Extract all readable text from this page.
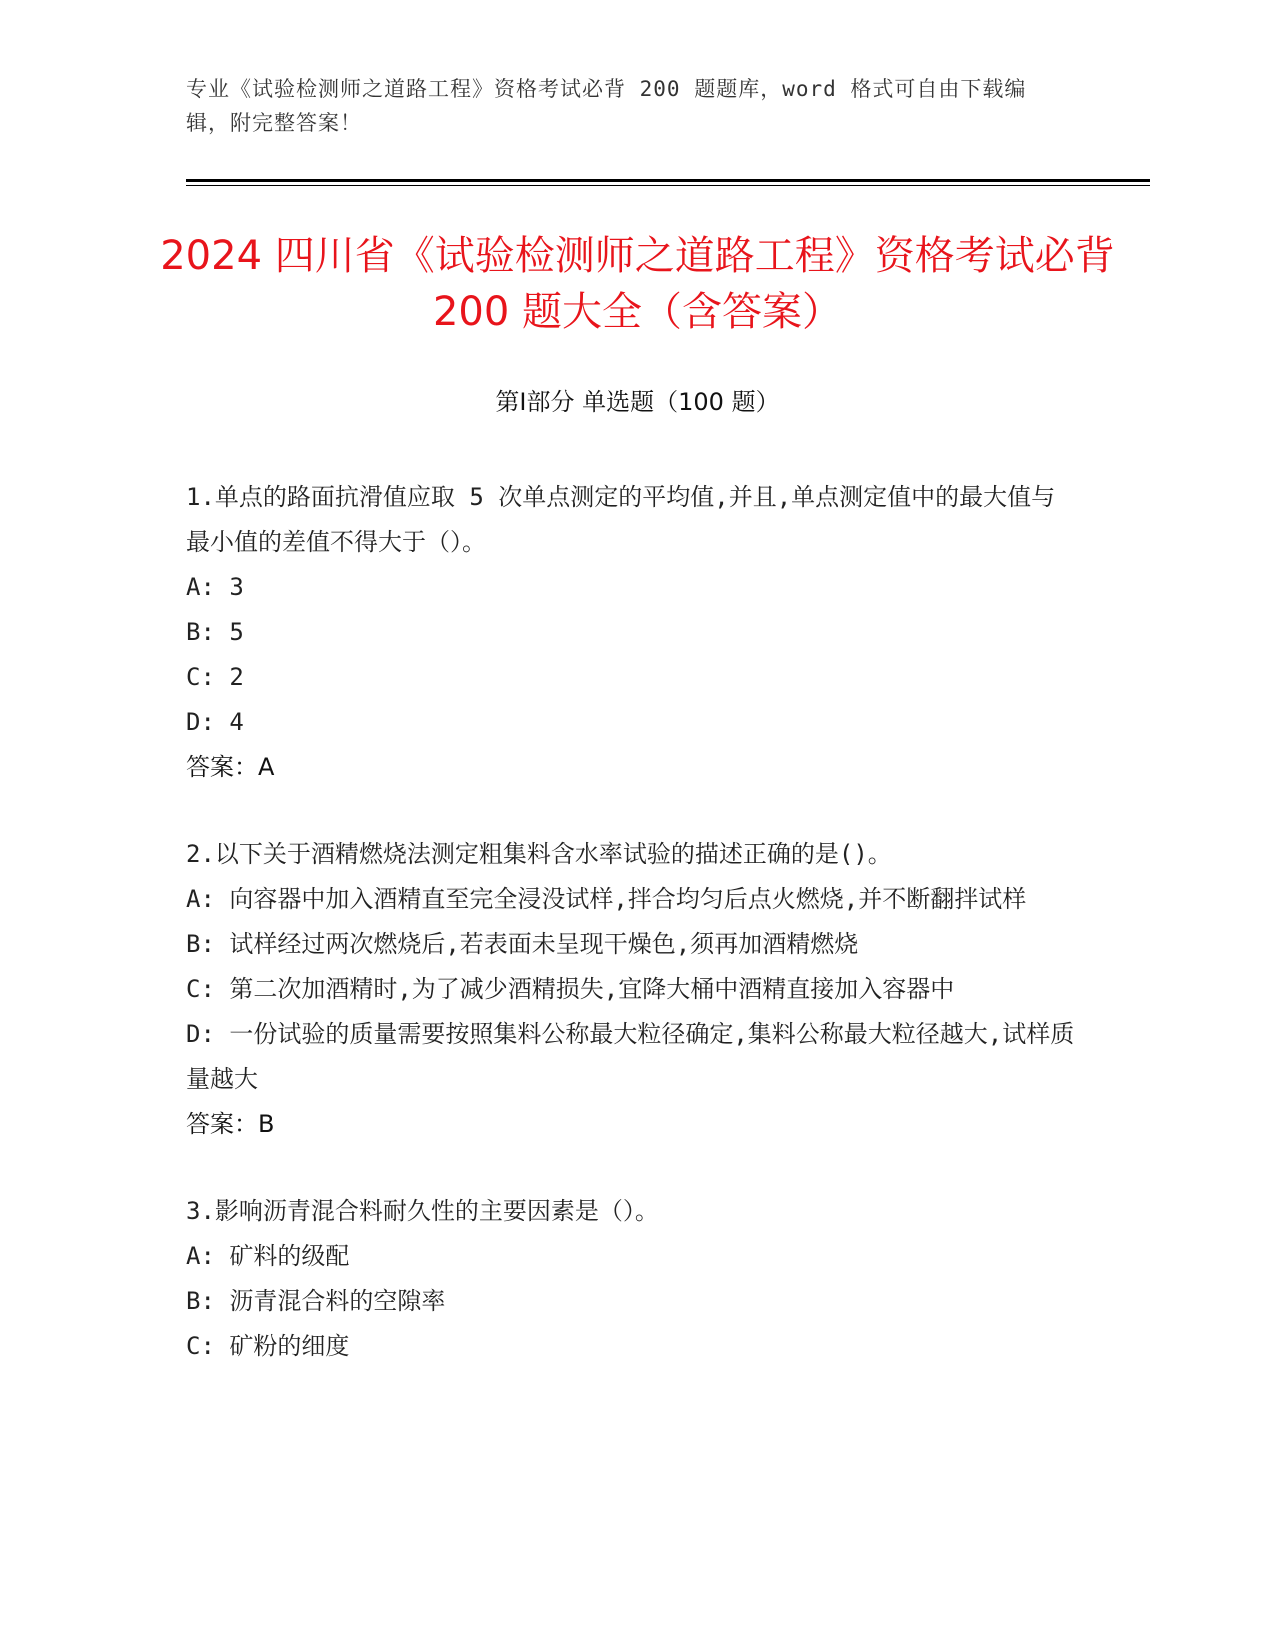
专业《试验检测师之道路工程》资格考试必背 200 题题库，word 格式可自由下载编辑，附完整答案！
2024 四川省《试验检测师之道路工程》资格考试必背 200 题大全（含答案）
第Ⅰ部分 单选题（100 题）

1.单点的路面抗滑值应取 5 次单点测定的平均值,并且,单点测定值中的最大值与最小值的差值不得大于（）。

A: 3

B: 5

C: 2

D: 4

答案：A

2.以下关于酒精燃烧法测定粗集料含水率试验的描述正确的是()。

A: 向容器中加入酒精直至完全浸没试样,拌合均匀后点火燃烧,并不断翻拌试样

B: 试样经过两次燃烧后,若表面未呈现干燥色,须再加酒精燃烧

C: 第二次加酒精时,为了减少酒精损失,宜降大桶中酒精直接加入容器中

D: 一份试验的质量需要按照集料公称最大粒径确定,集料公称最大粒径越大,试样质量越大

答案：B

3.影响沥青混合料耐久性的主要因素是（）。

A: 矿料的级配

B: 沥青混合料的空隙率

C: 矿粉的细度
